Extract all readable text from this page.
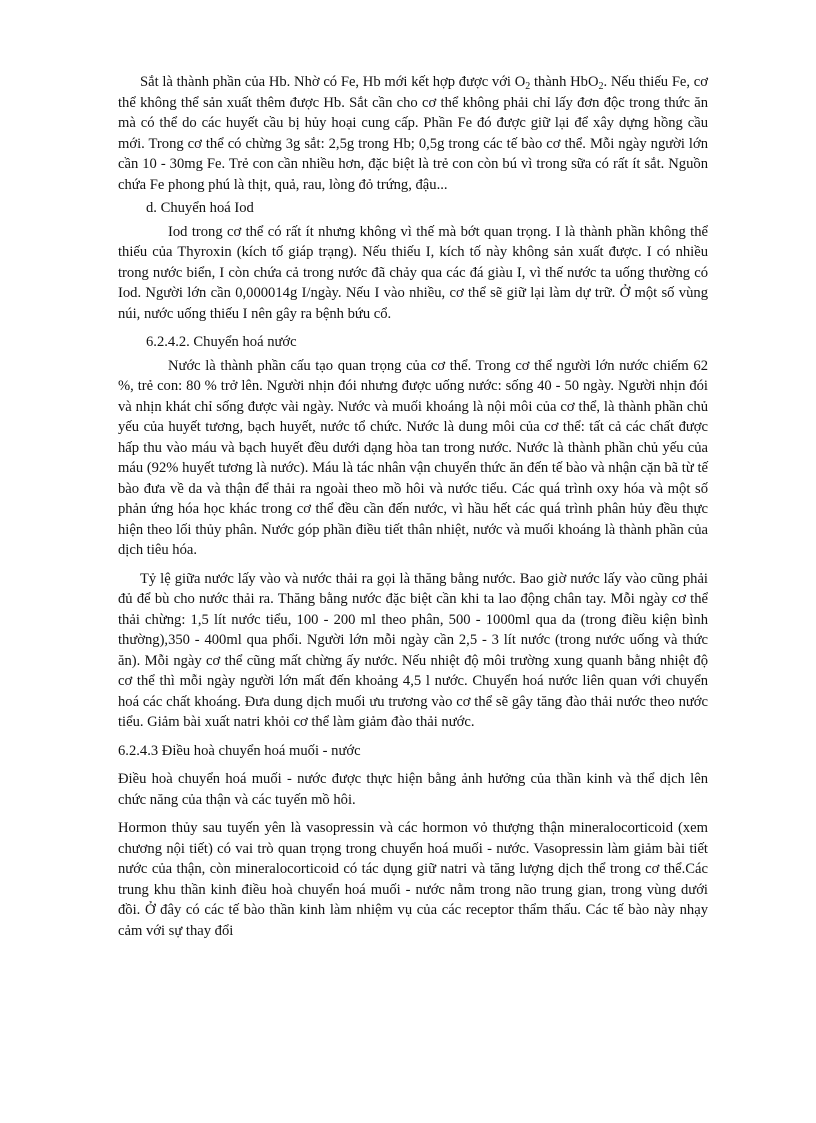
Sắt là thành phần của Hb. Nhờ có Fe, Hb mới kết hợp được với $O_2$ thành HbO$_2$. Nếu thiếu Fe, cơ thể không thể sản xuất thêm được Hb. Sắt cần cho cơ thể không phải chỉ lấy đơn độc trong thức ăn mà có thể do các huyết cầu bị hủy hoại cung cấp. Phần Fe đó được giữ lại để xây dựng hồng cầu mới. Trong cơ thể có chừng 3g sắt: 2,5g trong Hb; 0,5g trong các tế bào cơ thể. Mỗi ngày người lớn cần 10 - 30mg Fe. Trẻ con cần nhiều hơn, đặc biệt là trẻ con còn bú vì trong sữa có rất ít sắt. Nguồn chứa Fe phong phú là thịt, quả, rau, lòng đỏ trứng, đậu...

d. Chuyển hoá Iod

Iod trong cơ thể có rất ít nhưng không vì thế mà bớt quan trọng. I là thành phần không thể thiếu của Thyroxin (kích tố giáp trạng). Nếu thiếu I, kích tố này không sản xuất được. I có nhiều trong nước biển, I còn chứa cả trong nước đã chảy qua các đá giàu I, vì thế nước ta uống thường có Iod. Người lớn cần 0,000014g I/ngày. Nếu I vào nhiều, cơ thể sẽ giữ lại làm dự trữ. Ở một số vùng núi, nước uống thiếu I nên gây ra bệnh bứu cổ.

6.2.4.2. Chuyển hoá nước

Nước là thành phần cấu tạo quan trọng của cơ thể. Trong cơ thể người lớn nước chiếm 62 %, trẻ con: 80 % trở lên. Người nhịn đói nhưng được uống nước: sống 40 - 50 ngày. Người nhịn đói và nhịn khát chỉ sống được vài ngày. Nước và muối khoáng là nội môi của cơ thể, là thành phần chủ yếu của huyết tương, bạch huyết, nước tổ chức. Nước là dung môi của cơ thể: tất cả các chất được hấp thu vào máu và bạch huyết đều dưới dạng hòa tan trong nước. Nước là thành phần chủ yếu của máu (92% huyết tương là nước). Máu là tác nhân vận chuyển thức ăn đến tế bào và nhận cặn bã từ tế bào đưa về da và thận để thải ra ngoài theo mồ hôi và nước tiểu. Các quá trình oxy hóa và một số phản ứng hóa học khác trong cơ thể đều cần đến nước, vì hầu hết các quá trình phân hủy đều thực hiện theo lối thủy phân. Nước góp phần điều tiết thân nhiệt, nước và muối khoáng là thành phần của dịch tiêu hóa.

Tỷ lệ giữa nước lấy vào và nước thải ra gọi là thăng bằng nước. Bao giờ nước lấy vào cũng phải đủ để bù cho nước thải ra. Thăng bằng nước đặc biệt cần khi ta lao động chân tay. Mỗi ngày cơ thể thải chừng: 1,5 lít nước tiểu, 100 - 200 ml theo phân, 500 - 1000ml qua da (trong điều kiện bình thường),350 - 400ml qua phổi. Người lớn mỗi ngày cần 2,5 - 3 lít nước (trong nước uống và thức ăn). Mỗi ngày cơ thể cũng mất chừng ấy nước. Nếu nhiệt độ môi trường xung quanh bằng nhiệt độ cơ thể thì mỗi ngày người lớn mất đến khoảng 4,5 l nước. Chuyển hoá nước liên quan với chuyển hoá các chất khoáng. Đưa dung dịch muối ưu trương vào cơ thể sẽ gây tăng đào thải nước theo nước tiểu. Giảm bài xuất natri khỏi cơ thể làm giảm đào thải nước.

6.2.4.3 Điều hoà chuyển hoá muối - nước

Điều hoà chuyển hoá muối - nước được thực hiện bằng ảnh hưởng của thần kinh và thể dịch lên chức năng của thận và các tuyến mồ hôi.

Hormon thủy sau tuyến yên là vasopressin và các hormon vỏ thượng thận mineralocorticoid (xem chương nội tiết) có vai trò quan trọng trong chuyển hoá muối - nước. Vasopressin làm giảm bài tiết nước của thận, còn mineralocorticoid có tác dụng giữ natri và tăng lượng dịch thể trong cơ thể.Các trung khu thần kinh điều hoà chuyển hoá muối - nước nằm trong não trung gian, trong vùng dưới đồi. Ở đây có các tế bào thần kinh làm nhiệm vụ của các receptor thẩm thấu. Các tế bào này nhạy cảm với sự thay đổi
